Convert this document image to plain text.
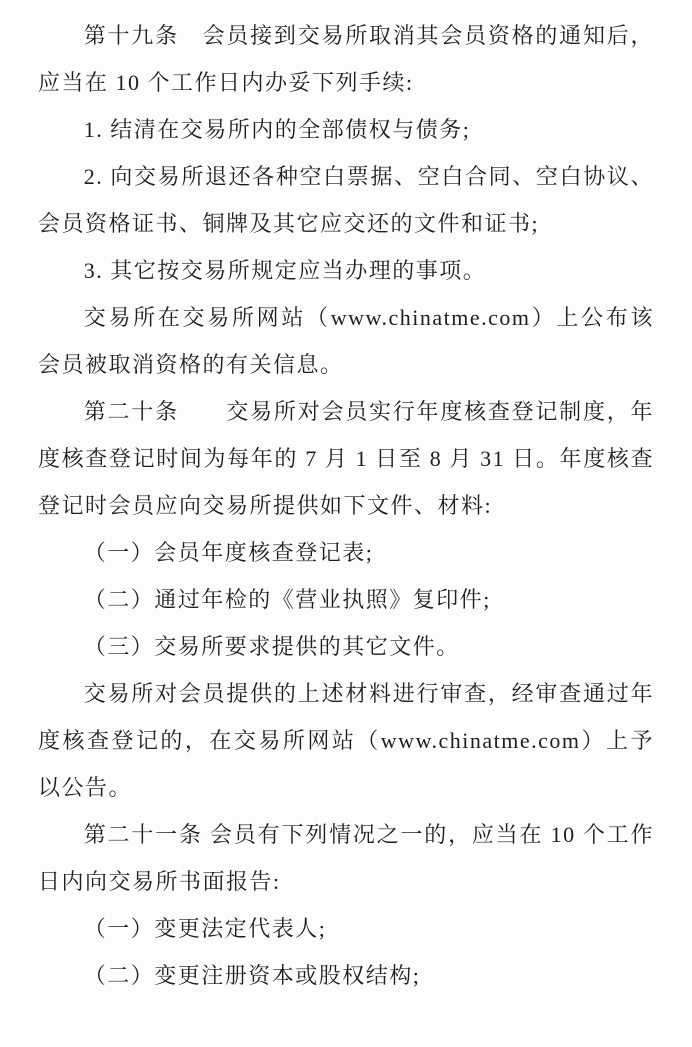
第十九条　会员接到交易所取消其会员资格的通知后，应当在 10 个工作日内办妥下列手续:

1. 结清在交易所内的全部债权与债务;

2. 向交易所退还各种空白票据、空白合同、空白协议、会员资格证书、铜牌及其它应交还的文件和证书;

3. 其它按交易所规定应当办理的事项。

交易所在交易所网站（www.chinatme.com）上公布该会员被取消资格的有关信息。

第二十条　　交易所对会员实行年度核查登记制度，年度核查登记时间为每年的 7 月 1 日至 8 月 31 日。年度核查登记时会员应向交易所提供如下文件、材料:

（一）会员年度核查登记表;

（二）通过年检的《营业执照》复印件;

（三）交易所要求提供的其它文件。

交易所对会员提供的上述材料进行审查，经审查通过年度核查登记的，在交易所网站（www.chinatme.com）上予以公告。

第二十一条 会员有下列情况之一的，应当在 10 个工作日内向交易所书面报告:

（一）变更法定代表人;

（二）变更注册资本或股权结构;
